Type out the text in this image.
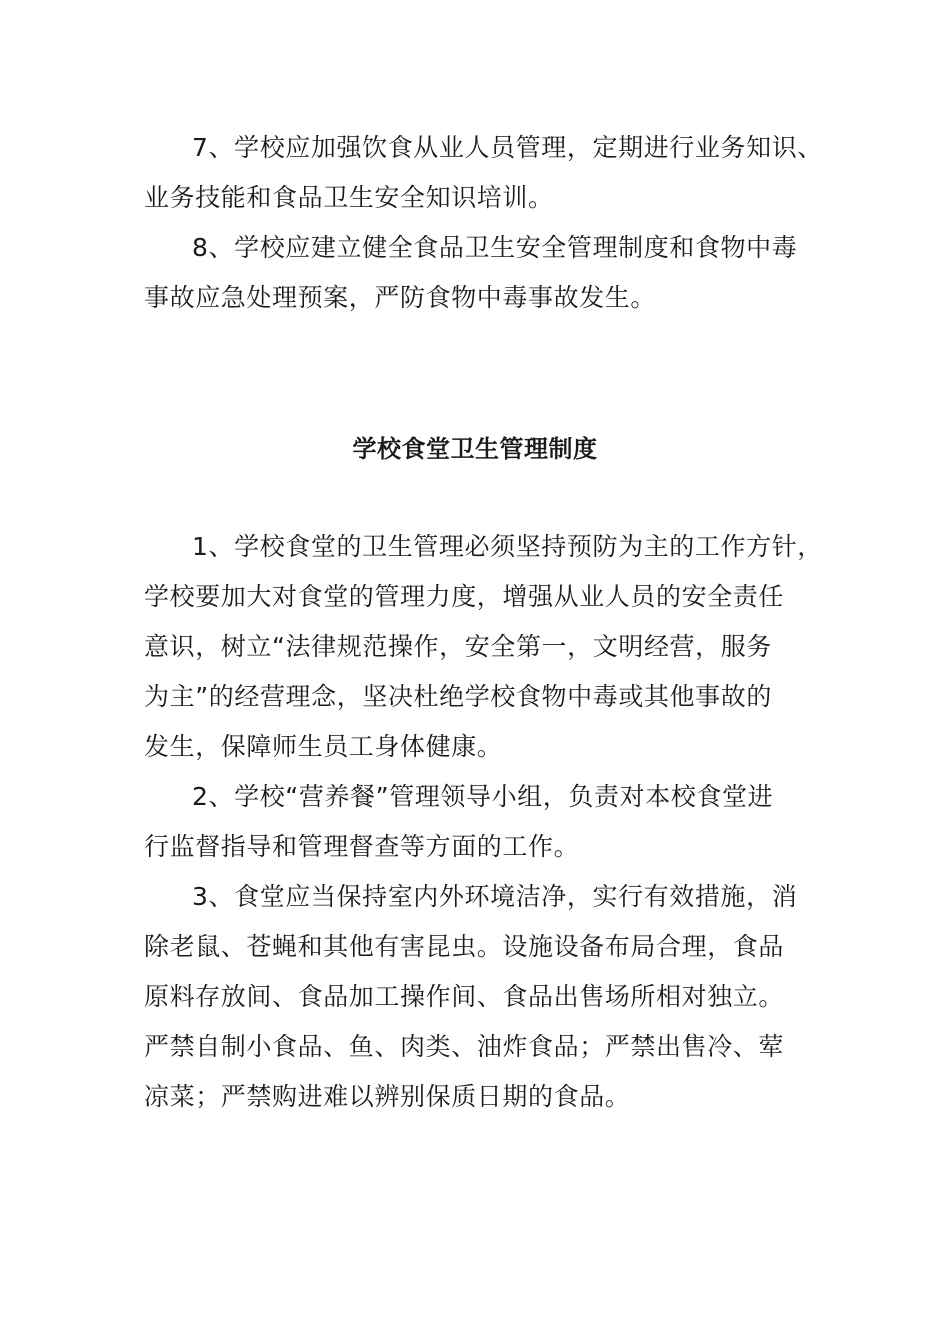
7、学校应加强饮食从业人员管理，定期进行业务知识、
业务技能和食品卫生安全知识培训。
8、学校应建立健全食品卫生安全管理制度和食物中毒
事故应急处理预案，严防食物中毒事故发生。
学校食堂卫生管理制度
1、学校食堂的卫生管理必须坚持预防为主的工作方针，
学校要加大对食堂的管理力度，增强从业人员的安全责任
意识，树立“法律规范操作，安全第一，文明经营，服务
为主”的经营理念，坚决杜绝学校食物中毒或其他事故的
发生，保障师生员工身体健康。
2、学校“营养餐”管理领导小组，负责对本校食堂进
行监督指导和管理督查等方面的工作。
3、食堂应当保持室内外环境洁净，实行有效措施，消
除老鼠、苍蝇和其他有害昆虫。设施设备布局合理，食品
原料存放间、食品加工操作间、食品出售场所相对独立。
严禁自制小食品、鱼、肉类、油炸食品；严禁出售冷、荤
凉菜；严禁购进难以辨别保质日期的食品。
